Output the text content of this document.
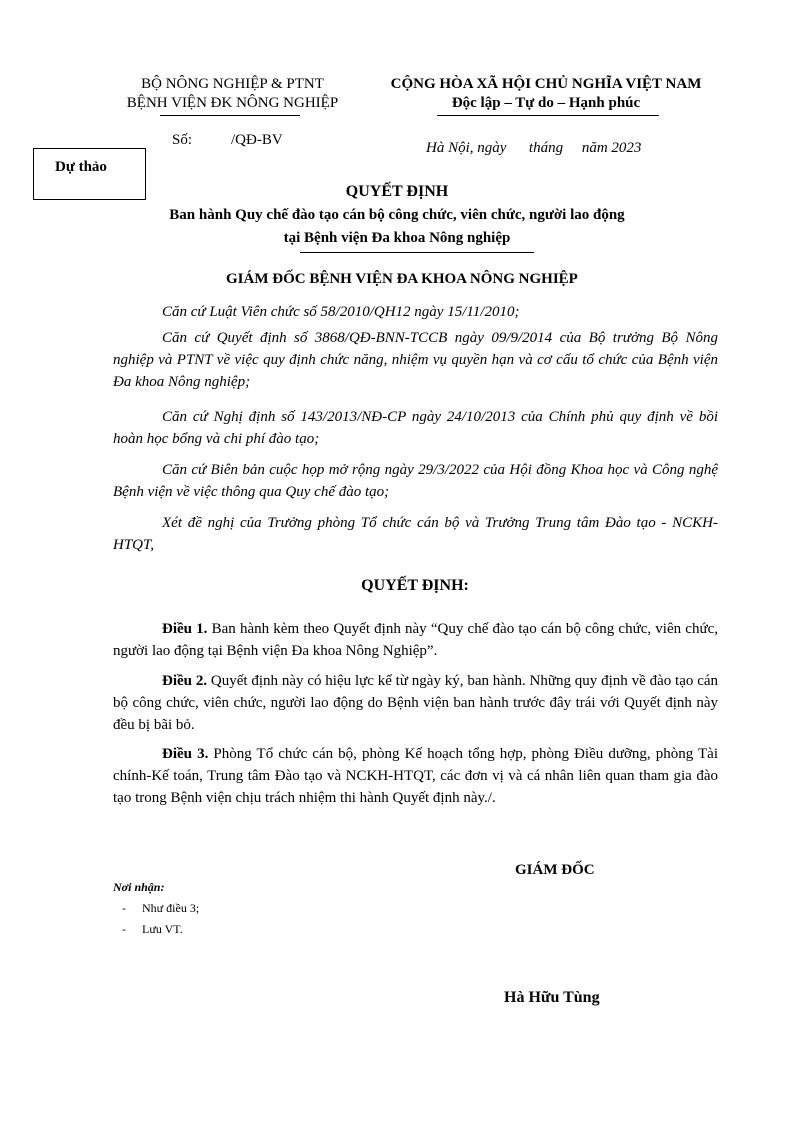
BỘ NÔNG NGHIỆP & PTNT
BỆNH VIỆN ĐK NÔNG NGHIỆP
CỘNG HÒA XÃ HỘI CHỦ NGHĨA VIỆT NAM
Độc lập – Tự do – Hạnh phúc
Số:	/QĐ-BV	Hà Nội, ngày      tháng     năm 2023
Dự thảo
QUYẾT ĐỊNH
Ban hành Quy chế đào tạo cán bộ công chức, viên chức, người lao động
tại Bệnh viện Đa khoa Nông nghiệp
GIÁM ĐỐC BỆNH VIỆN ĐA KHOA NÔNG NGHIỆP
Căn cứ Luật Viên chức số 58/2010/QH12 ngày 15/11/2010;
Căn cứ Quyết định số 3868/QĐ-BNN-TCCB ngày 09/9/2014 của Bộ trưởng Bộ Nông nghiệp và PTNT về việc quy định chức năng, nhiệm vụ quyền hạn và cơ cấu tổ chức của Bệnh viện Đa khoa Nông nghiệp;
Căn cứ Nghị định số 143/2013/NĐ-CP ngày 24/10/2013 của Chính phủ quy định về bồi hoàn học bổng và chi phí đào tạo;
Căn cứ Biên bản cuộc họp mở rộng ngày 29/3/2022 của Hội đồng Khoa học và Công nghệ Bệnh viện về việc thông qua Quy chế đào tạo;
Xét đề nghị của Trưởng phòng Tổ chức cán bộ và Trưởng Trung tâm Đào tạo - NCKH-HTQT,
QUYẾT ĐỊNH:
Điều 1. Ban hành kèm theo Quyết định này “Quy chế đào tạo cán bộ công chức, viên chức, người lao động tại Bệnh viện Đa khoa Nông Nghiệp”.
Điều 2. Quyết định này có hiệu lực kể từ ngày ký, ban hành. Những quy định về đào tạo cán bộ công chức, viên chức, người lao động do Bệnh viện ban hành trước đây trái với Quyết định này đều bị bãi bỏ.
Điều 3. Phòng Tổ chức cán bộ, phòng Kế hoạch tổng hợp, phòng Điều dưỡng, phòng Tài chính-Kế toán, Trung tâm Đào tạo và NCKH-HTQT, các đơn vị và cá nhân liên quan tham gia đào tạo trong Bệnh viện chịu trách nhiệm thi hành Quyết định này./.
GIÁM ĐỐC
Nơi nhận:
- Như điều 3;
- Lưu VT.
Hà Hữu Tùng
